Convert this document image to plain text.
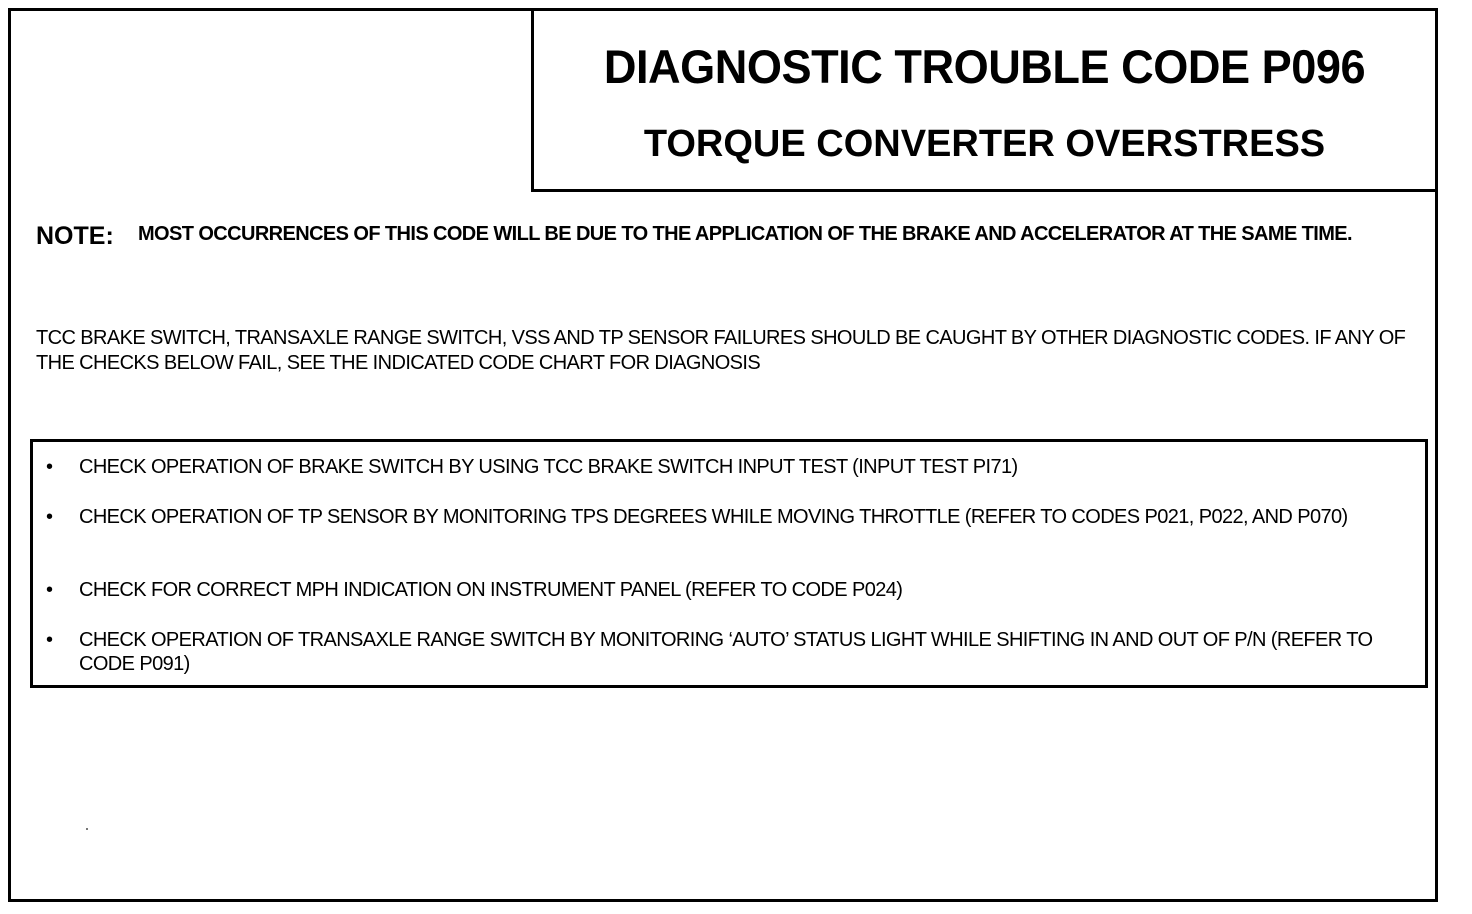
DIAGNOSTIC TROUBLE CODE P096
TORQUE CONVERTER OVERSTRESS
NOTE: MOST OCCURRENCES OF THIS CODE WILL BE DUE TO THE APPLICATION OF THE BRAKE AND ACCELERATOR AT THE SAME TIME.
TCC BRAKE SWITCH, TRANSAXLE RANGE SWITCH, VSS AND TP SENSOR FAILURES SHOULD BE CAUGHT BY OTHER DIAGNOSTIC CODES. IF ANY OF THE CHECKS BELOW FAIL, SEE THE INDICATED CODE CHART FOR DIAGNOSIS
• CHECK OPERATION OF BRAKE SWITCH BY USING TCC BRAKE SWITCH INPUT TEST (INPUT TEST PI71)
• CHECK OPERATION OF TP SENSOR BY MONITORING TPS DEGREES WHILE MOVING THROTTLE (REFER TO CODES P021, P022, AND P070)
• CHECK FOR CORRECT MPH INDICATION ON INSTRUMENT PANEL (REFER TO CODE P024)
• CHECK OPERATION OF TRANSAXLE RANGE SWITCH BY MONITORING ‘AUTO’ STATUS LIGHT WHILE SHIFTING IN AND OUT OF P/N (REFER TO CODE P091)
